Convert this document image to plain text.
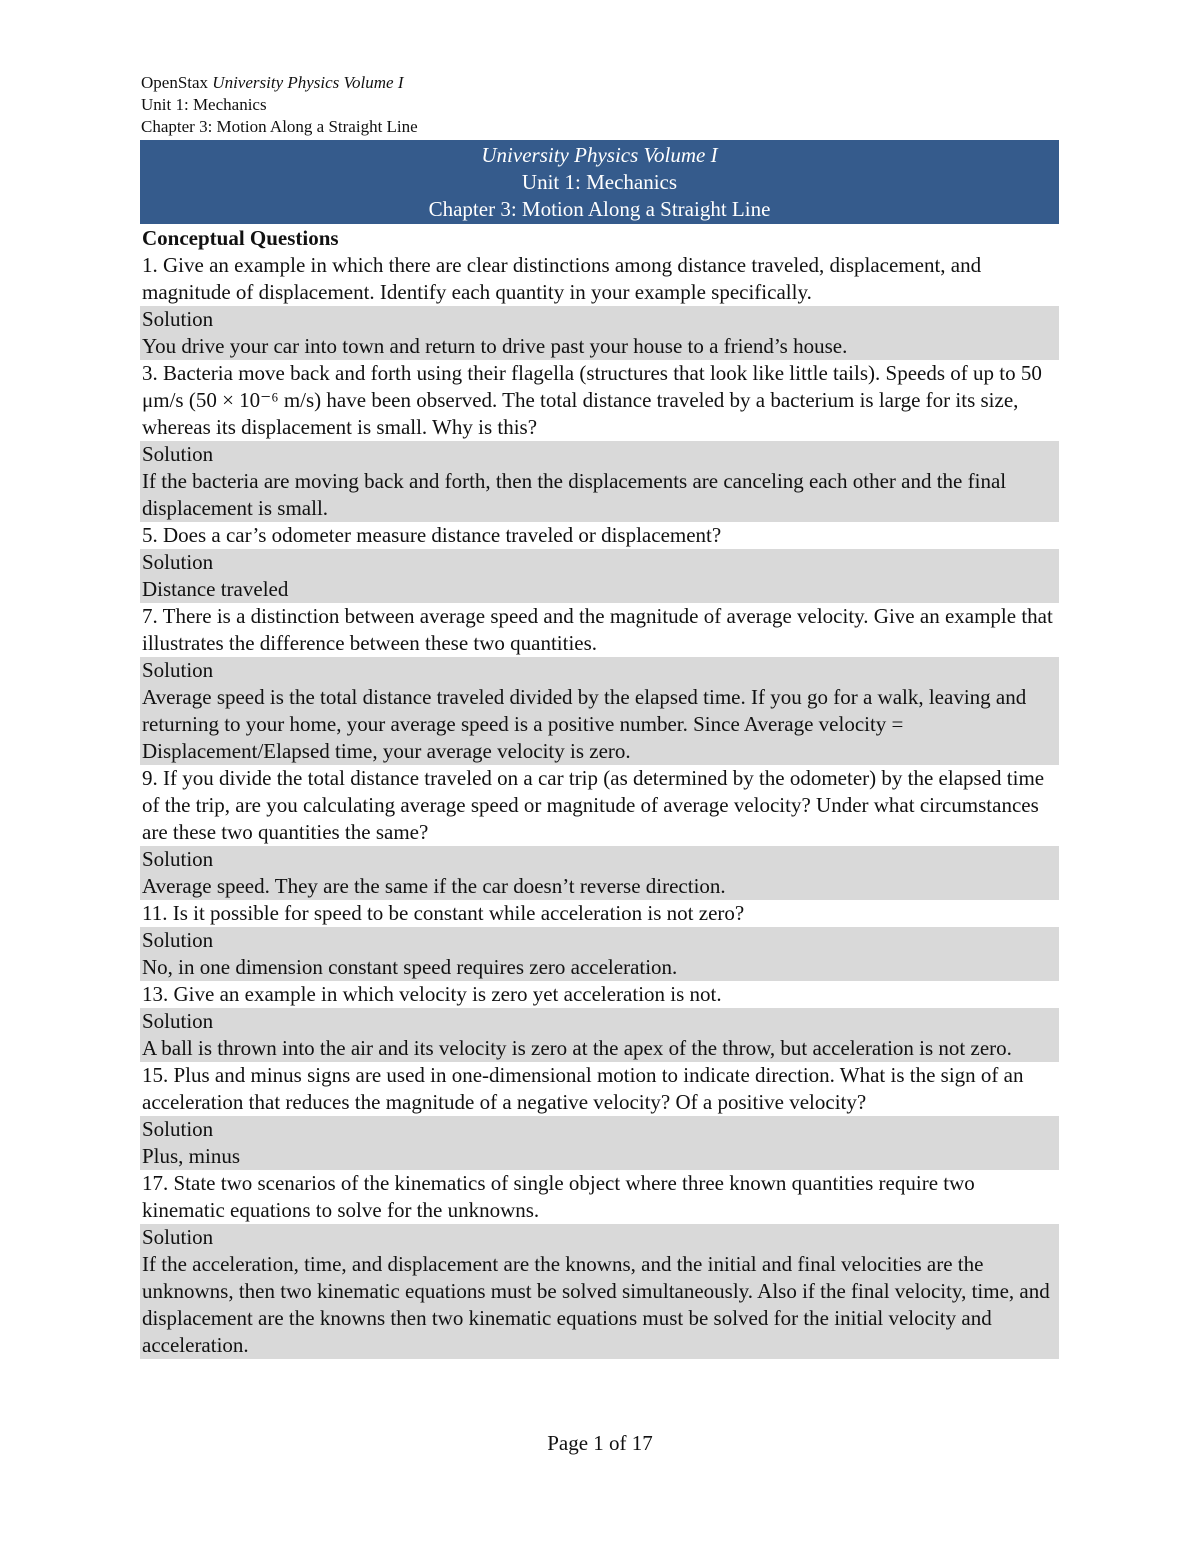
OpenStax University Physics Volume I
Unit 1: Mechanics
Chapter 3: Motion Along a Straight Line
University Physics Volume I
Unit 1: Mechanics
Chapter 3: Motion Along a Straight Line
Conceptual Questions
1. Give an example in which there are clear distinctions among distance traveled, displacement, and magnitude of displacement. Identify each quantity in your example specifically.
Solution
You drive your car into town and return to drive past your house to a friend’s house.
3. Bacteria move back and forth using their flagella (structures that look like little tails). Speeds of up to 50 μm/s (50 × 10⁻⁶ m/s) have been observed. The total distance traveled by a bacterium is large for its size, whereas its displacement is small. Why is this?
Solution
If the bacteria are moving back and forth, then the displacements are canceling each other and the final displacement is small.
5. Does a car’s odometer measure distance traveled or displacement?
Solution
Distance traveled
7. There is a distinction between average speed and the magnitude of average velocity. Give an example that illustrates the difference between these two quantities.
Solution
Average speed is the total distance traveled divided by the elapsed time. If you go for a walk, leaving and returning to your home, your average speed is a positive number. Since Average velocity = Displacement/Elapsed time, your average velocity is zero.
9. If you divide the total distance traveled on a car trip (as determined by the odometer) by the elapsed time of the trip, are you calculating average speed or magnitude of average velocity? Under what circumstances are these two quantities the same?
Solution
Average speed. They are the same if the car doesn’t reverse direction.
11. Is it possible for speed to be constant while acceleration is not zero?
Solution
No, in one dimension constant speed requires zero acceleration.
13. Give an example in which velocity is zero yet acceleration is not.
Solution
A ball is thrown into the air and its velocity is zero at the apex of the throw, but acceleration is not zero.
15. Plus and minus signs are used in one-dimensional motion to indicate direction. What is the sign of an acceleration that reduces the magnitude of a negative velocity? Of a positive velocity?
Solution
Plus, minus
17. State two scenarios of the kinematics of single object where three known quantities require two kinematic equations to solve for the unknowns.
Solution
If the acceleration, time, and displacement are the knowns, and the initial and final velocities are the unknowns, then two kinematic equations must be solved simultaneously. Also if the final velocity, time, and displacement are the knowns then two kinematic equations must be solved for the initial velocity and acceleration.
Page 1 of 17
